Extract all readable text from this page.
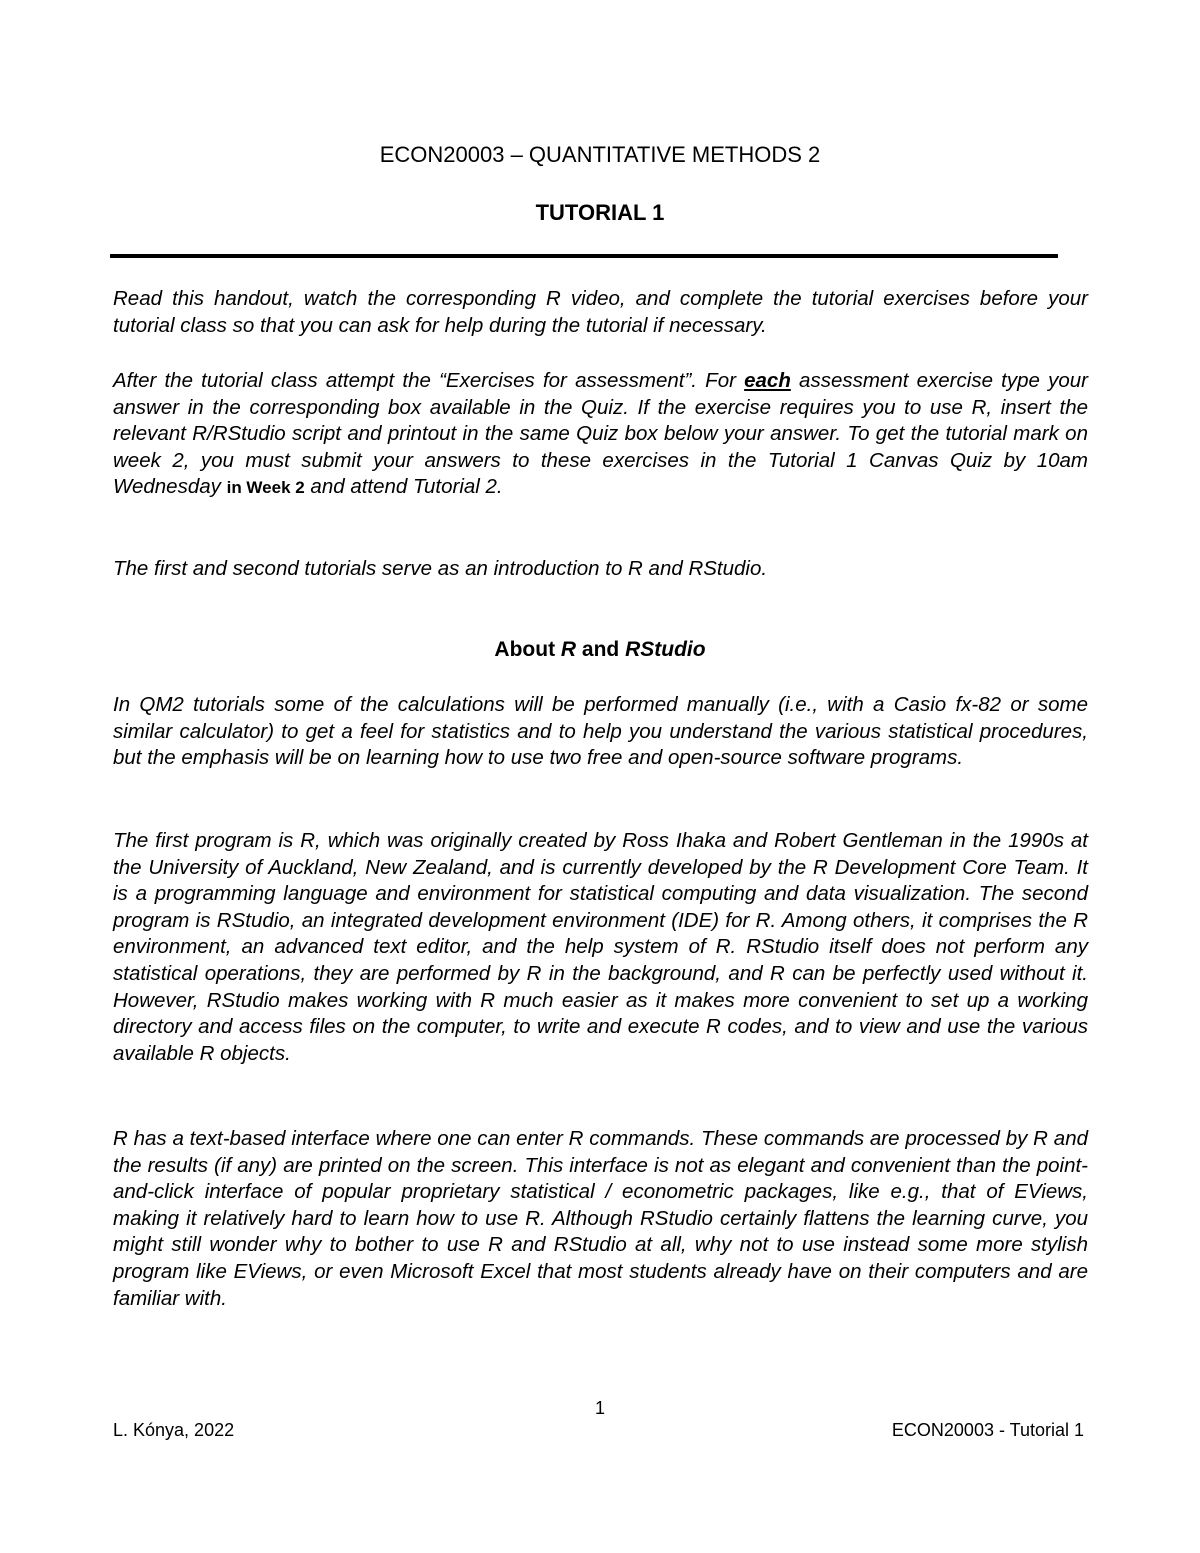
ECON20003 – QUANTITATIVE METHODS 2
TUTORIAL 1

Read this handout, watch the corresponding R video, and complete the tutorial exercises before your tutorial class so that you can ask for help during the tutorial if necessary.

After the tutorial class attempt the “Exercises for assessment”. For each assessment exercise type your answer in the corresponding box available in the Quiz. If the exercise requires you to use R, insert the relevant R/RStudio script and printout in the same Quiz box below your answer. To get the tutorial mark on week 2, you must submit your answers to these exercises in the Tutorial 1 Canvas Quiz by 10am Wednesday in Week 2 and attend Tutorial 2.

The first and second tutorials serve as an introduction to R and RStudio.

About R and RStudio

In QM2 tutorials some of the calculations will be performed manually (i.e., with a Casio fx-82 or some similar calculator) to get a feel for statistics and to help you understand the various statistical procedures, but the emphasis will be on learning how to use two free and open-source software programs.

The first program is R, which was originally created by Ross Ihaka and Robert Gentleman in the 1990s at the University of Auckland, New Zealand, and is currently developed by the R Development Core Team. It is a programming language and environment for statistical computing and data visualization. The second program is RStudio, an integrated development environment (IDE) for R. Among others, it comprises the R environment, an advanced text editor, and the help system of R. RStudio itself does not perform any statistical operations, they are performed by R in the background, and R can be perfectly used without it. However, RStudio makes working with R much easier as it makes more convenient to set up a working directory and access files on the computer, to write and execute R codes, and to view and use the various available R objects.

R has a text-based interface where one can enter R commands. These commands are processed by R and the results (if any) are printed on the screen. This interface is not as elegant and convenient than the point-and-click interface of popular proprietary statistical / econometric packages, like e.g., that of EViews, making it relatively hard to learn how to use R. Although RStudio certainly flattens the learning curve, you might still wonder why to bother to use R and RStudio at all, why not to use instead some more stylish program like EViews, or even Microsoft Excel that most students already have on their computers and are familiar with.

1
L. Kónya, 2022	ECON20003 - Tutorial 1
